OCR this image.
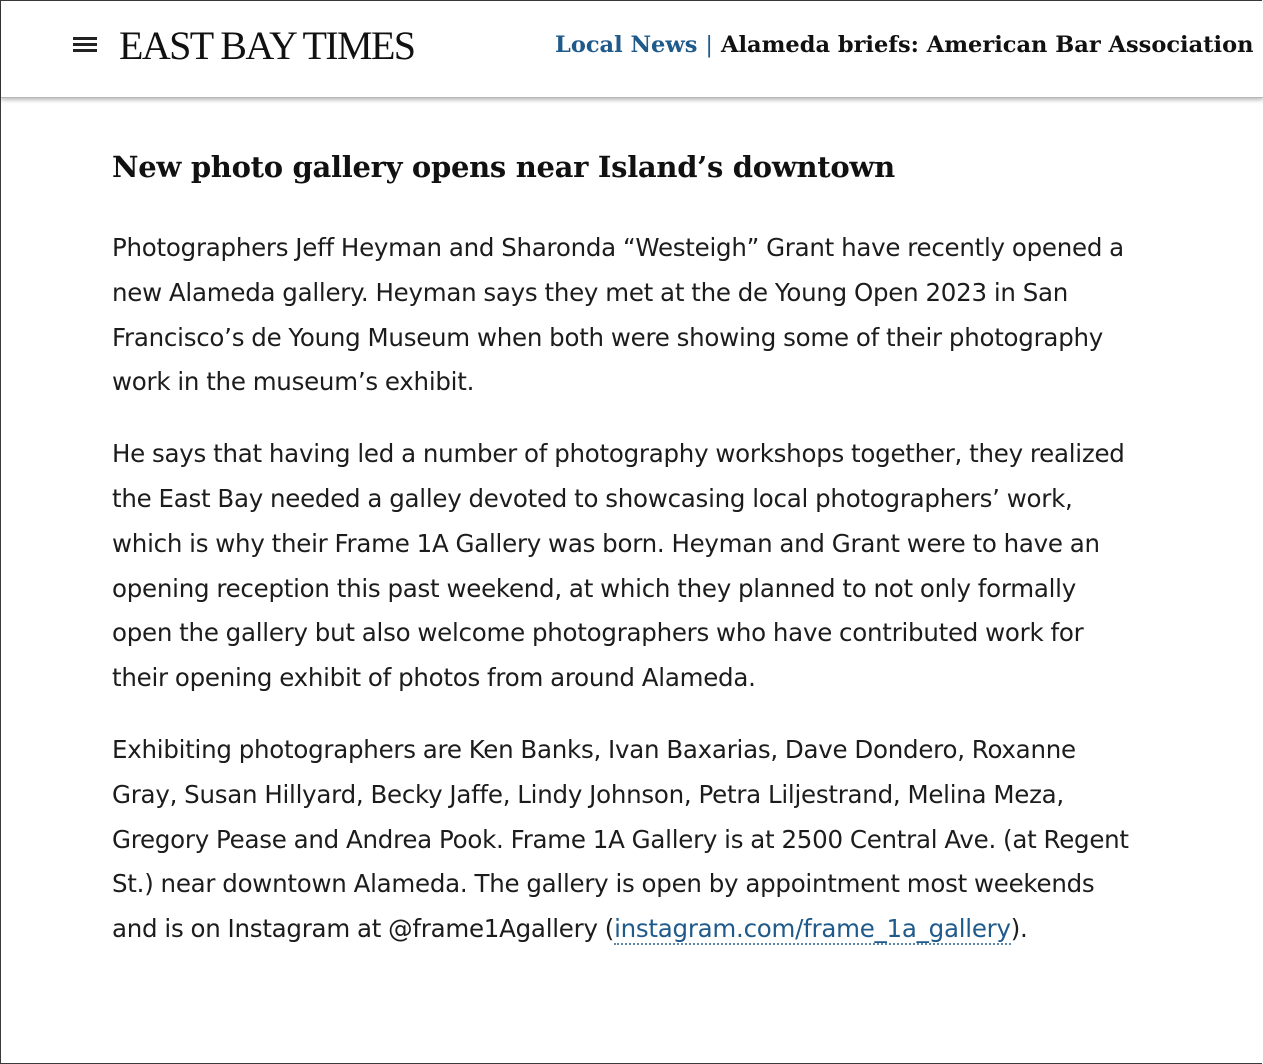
EAST BAY TIMES	Local News | Alameda briefs: American Bar Association
New photo gallery opens near Island’s downtown

Photographers Jeff Heyman and Sharonda “Westeigh” Grant have recently opened a new Alameda gallery. Heyman says they met at the de Young Open 2023 in San Francisco’s de Young Museum when both were showing some of their photography work in the museum’s exhibit.

He says that having led a number of photography workshops together, they realized the East Bay needed a galley devoted to showcasing local photographers’ work, which is why their Frame 1A Gallery was born. Heyman and Grant were to have an opening reception this past weekend, at which they planned to not only formally open the gallery but also welcome photographers who have contributed work for their opening exhibit of photos from around Alameda.

Exhibiting photographers are Ken Banks, Ivan Baxarias, Dave Dondero, Roxanne Gray, Susan Hillyard, Becky Jaffe, Lindy Johnson, Petra Liljestrand, Melina Meza, Gregory Pease and Andrea Pook. Frame 1A Gallery is at 2500 Central Ave. (at Regent St.) near downtown Alameda. The gallery is open by appointment most weekends and is on Instagram at @frame1Agallery (instagram.com/frame_1a_gallery).
